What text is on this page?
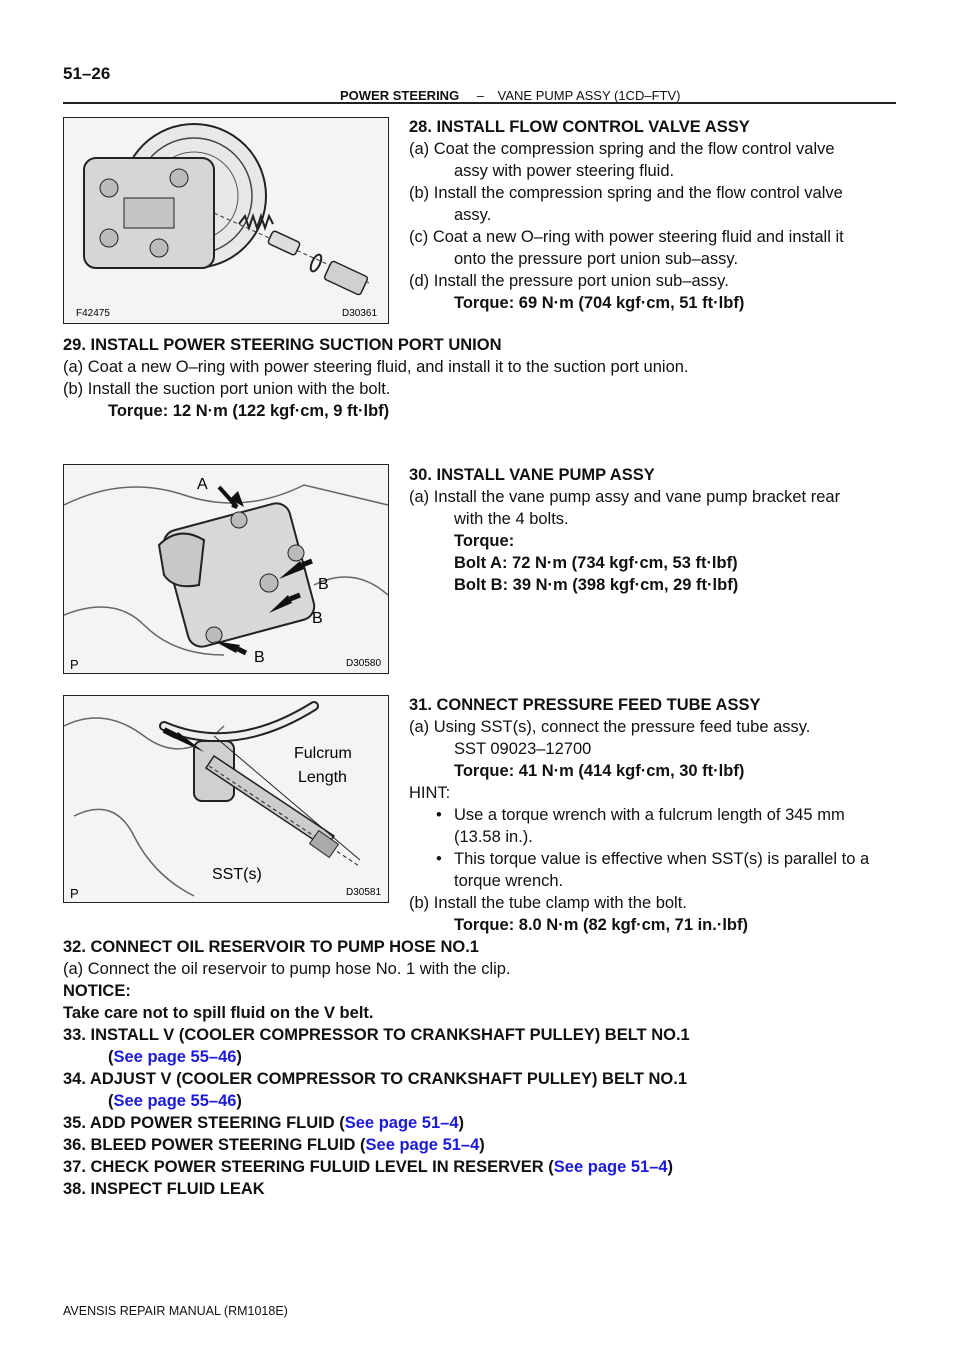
51–26
POWER STEERING – VANE PUMP ASSY (1CD–FTV)
F42475	D30361
28. INSTALL FLOW CONTROL VALVE ASSY
(a) Coat the compression spring and the flow control valve
assy with power steering fluid.
(b) Install the compression spring and the flow control valve
assy.
(c) Coat a new O–ring with power steering fluid and install it
onto the pressure port union sub–assy.
(d) Install the pressure port union sub–assy.
Torque: 69 N·m (704 kgf·cm, 51 ft·lbf)
29. INSTALL POWER STEERING SUCTION PORT UNION
(a) Coat a new O–ring with power steering fluid, and install it to the suction port union.
(b) Install the suction port union with the bolt.
Torque: 12 N·m (122 kgf·cm, 9 ft·lbf)
A
B
B
B
P	D30580
30. INSTALL VANE PUMP ASSY
(a) Install the vane pump assy and vane pump bracket rear
with the 4 bolts.
Torque:
Bolt A: 72 N·m (734 kgf·cm, 53 ft·lbf)
Bolt B: 39 N·m (398 kgf·cm, 29 ft·lbf)
Fulcrum
Length
SST(s)
P	D30581
31. CONNECT PRESSURE FEED TUBE ASSY
(a) Using SST(s), connect the pressure feed tube assy.
SST 09023–12700
Torque: 41 N·m (414 kgf·cm, 30 ft·lbf)
HINT:
• Use a torque wrench with a fulcrum length of 345 mm
(13.58 in.).
• This torque value is effective when SST(s) is parallel to a
torque wrench.
(b) Install the tube clamp with the bolt.
Torque: 8.0 N·m (82 kgf·cm, 71 in.·lbf)
32. CONNECT OIL RESERVOIR TO PUMP HOSE NO.1
(a) Connect the oil reservoir to pump hose No. 1 with the clip.
NOTICE:
Take care not to spill fluid on the V belt.
33. INSTALL V (COOLER COMPRESSOR TO CRANKSHAFT PULLEY) BELT NO.1
(See page 55–46)
34. ADJUST V (COOLER COMPRESSOR TO CRANKSHAFT PULLEY) BELT NO.1
(See page 55–46)
35. ADD POWER STEERING FLUID (See page 51–4)
36. BLEED POWER STEERING FLUID (See page 51–4)
37. CHECK POWER STEERING FULUID LEVEL IN RESERVER (See page 51–4)
38. INSPECT FLUID LEAK
AVENSIS REPAIR MANUAL (RM1018E)
